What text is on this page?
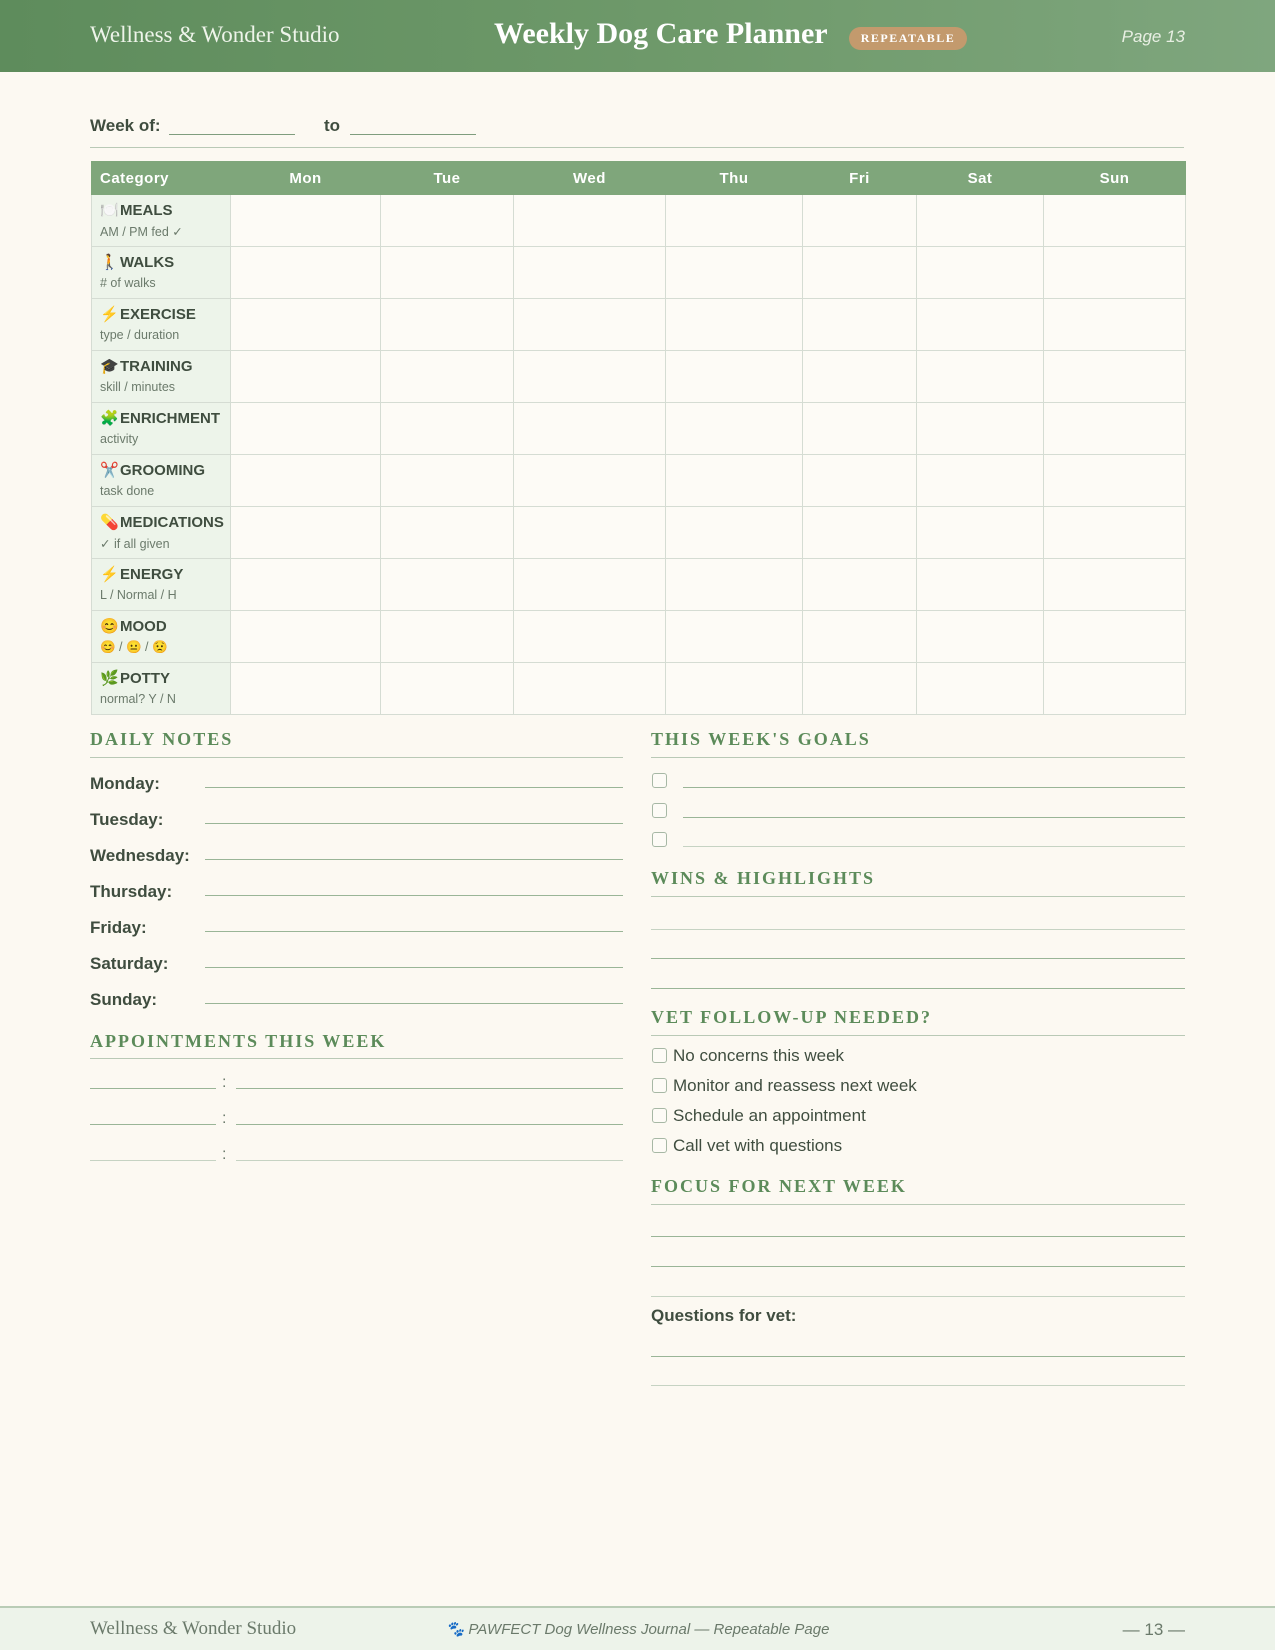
Wellness & Wonder Studio	Weekly Dog Care Planner	REPEATABLE	Page 13
Week of:	to
Category	Mon	Tue	Wed	Thu	Fri	Sat	Sun

🍽️MEALS
AM / PM fed ✓							

🚶WALKS
# of walks							

⚡EXERCISE
type / duration							

🎓TRAINING
skill / minutes							

🧩ENRICHMENT
activity							

✂️GROOMING
task done							

💊MEDICATIONS
✓ if all given							

⚡ENERGY
L / Normal / H							

😊MOOD
😊 / 😐 / 😟							

🌿POTTY
normal? Y / N							

DAILY NOTES
Monday:
Tuesday:
Wednesday:
Thursday:
Friday:
Saturday:
Sunday:
APPOINTMENTS THIS WEEK
:
:
:
THIS WEEK'S GOALS
WINS & HIGHLIGHTS
VET FOLLOW-UP NEEDED?
No concerns this week
Monitor and reassess next week
Schedule an appointment
Call vet with questions
FOCUS FOR NEXT WEEK
Questions for vet:
Wellness & Wonder Studio	🐾 PAWFECT Dog Wellness Journal — Repeatable Page	— 13 —
